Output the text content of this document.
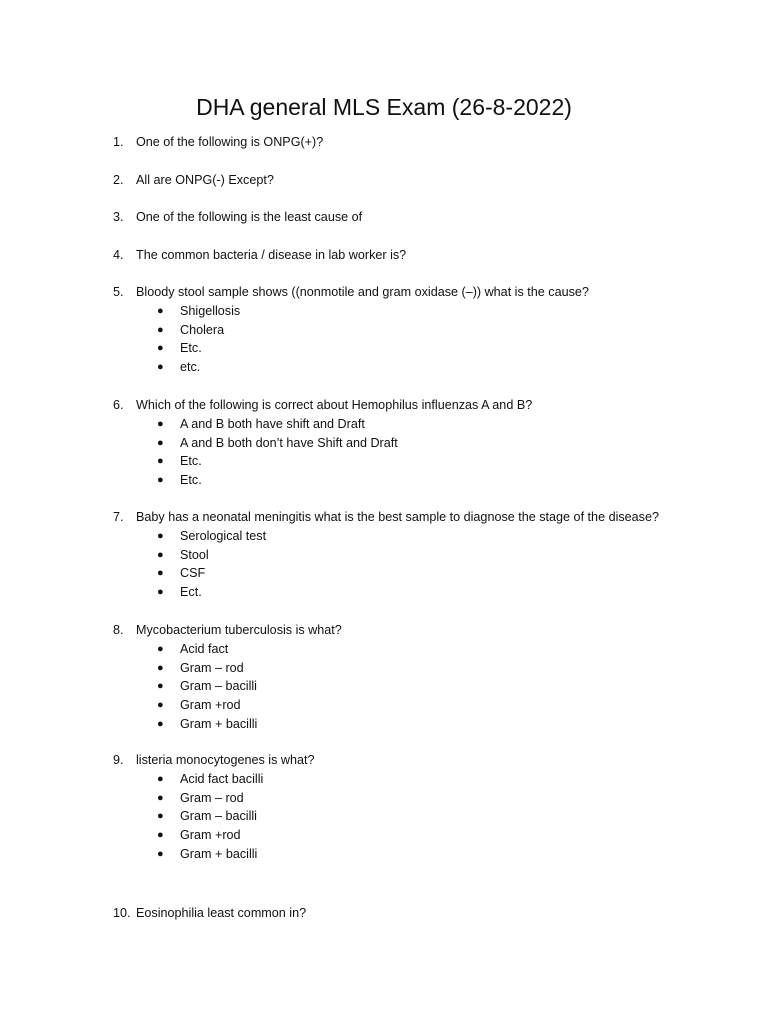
DHA general MLS Exam (26-8-2022)
1. One of the following is ONPG(+)?
2. All are ONPG(-) Except?
3. One of the following is the least cause of
4. The common bacteria / disease in lab worker is?
5. Bloody stool sample shows ((nonmotile and gram oxidase (–)) what is the cause?
● Shigellosis
● Cholera
● Etc.
● etc.
6. Which of the following is correct about Hemophilus influenzas A and B?
● A and B both have shift and Draft
● A and B both don’t have Shift and Draft
● Etc.
● Etc.
7. Baby has a neonatal meningitis what is the best sample to diagnose the stage of the disease?
● Serological test
● Stool
● CSF
● Ect.
8. Mycobacterium tuberculosis is what?
● Acid fact
● Gram – rod
● Gram – bacilli
● Gram +rod
● Gram + bacilli
9. listeria monocytogenes is what?
● Acid fact bacilli
● Gram – rod
● Gram – bacilli
● Gram +rod
● Gram + bacilli
10. Eosinophilia least common in?
